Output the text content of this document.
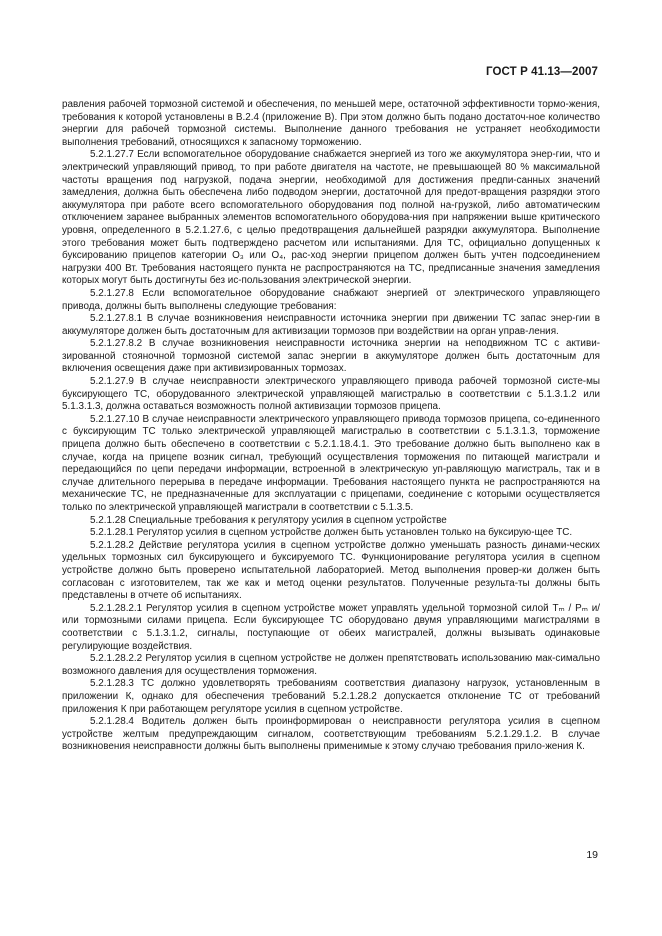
ГОСТ Р 41.13—2007

равления рабочей тормозной системой и обеспечения, по меньшей мере, остаточной эффективности тормо-жения, требования к которой установлены в В.2.4 (приложение В). При этом должно быть подано достаточ-ное количество энергии для рабочей тормозной системы. Выполнение данного требования не устраняет необходимости выполнения требований, относящихся к запасному торможению.

5.2.1.27.7 Если вспомогательное оборудование снабжается энергией из того же аккумулятора энер-гии, что и электрический управляющий привод, то при работе двигателя на частоте, не превышающей 80 % максимальной частоты вращения под нагрузкой, подача энергии, необходимой для достижения предпи-санных значений замедления, должна быть обеспечена либо подводом энергии, достаточной для предот-вращения разрядки этого аккумулятора при работе всего вспомогательного оборудования под полной на-грузкой, либо автоматическим отключением заранее выбранных элементов вспомогательного оборудова-ния при напряжении выше критического уровня, определенного в 5.2.1.27.6, с целью предотвращения дальнейшей разрядки аккумулятора. Выполнение этого требования может быть подтверждено расчетом или испытаниями. Для ТС, официально допущенных к буксированию прицепов категории O₃ или O₄, рас-ход энергии прицепом должен быть учтен подсоединением нагрузки 400 Вт. Требования настоящего пункта не распространяются на ТС, предписанные значения замедления которых могут быть достигнуты без ис-пользования электрической энергии.

5.2.1.27.8 Если вспомогательное оборудование снабжают энергией от электрического управляющего привода, должны быть выполнены следующие требования:

5.2.1.27.8.1 В случае возникновения неисправности источника энергии при движении ТС запас энер-гии в аккумуляторе должен быть достаточным для активизации тормозов при воздействии на орган управ-ления.

5.2.1.27.8.2 В случае возникновения неисправности источника энергии на неподвижном ТС с активи-зированной стояночной тормозной системой запас энергии в аккумуляторе должен быть достаточным для включения освещения даже при активизированных тормозах.

5.2.1.27.9 В случае неисправности электрического управляющего привода рабочей тормозной систе-мы буксирующего ТС, оборудованного электрической управляющей магистралью в соответствии с 5.1.3.1.2 или 5.1.3.1.3, должна оставаться возможность полной активизации тормозов прицепа.

5.2.1.27.10 В случае неисправности электрического управляющего привода тормозов прицепа, со-единенного с буксирующим ТС только электрической управляющей магистралью в соответствии с 5.1.3.1.3, торможение прицепа должно быть обеспечено в соответствии с 5.2.1.18.4.1. Это требование должно быть выполнено как в случае, когда на прицепе возник сигнал, требующий осуществления торможения по питающей магистрали и передающийся по цепи передачи информации, встроенной в электрическую уп-равляющую магистраль, так и в случае длительного перерыва в передаче информации. Требования настоящего пункта не распространяются на механические ТС, не предназначенные для эксплуатации с прицепами, соединение с которыми осуществляется только по электрической управляющей магистрали в соответствии с 5.1.3.5.

5.2.1.28 Специальные требования к регулятору усилия в сцепном устройстве

5.2.1.28.1 Регулятор усилия в сцепном устройстве должен быть установлен только на буксирую-щее ТС.

5.2.1.28.2 Действие регулятора усилия в сцепном устройстве должно уменьшать разность динами-ческих удельных тормозных сил буксирующего и буксируемого ТС. Функционирование регулятора усилия в сцепном устройстве должно быть проверено испытательной лабораторией. Метод выполнения провер-ки должен быть согласован с изготовителем, так же как и метод оценки результатов. Полученные результа-ты должны быть представлены в отчете об испытаниях.

5.2.1.28.2.1 Регулятор усилия в сцепном устройстве может управлять удельной тормозной силой Tₘ / Pₘ и/или тормозными силами прицепа. Если буксирующее ТС оборудовано двумя управляющими магистралями в соответствии с 5.1.3.1.2, сигналы, поступающие от обеих магистралей, должны вызывать одинаковые регулирующие воздействия.

5.2.1.28.2.2 Регулятор усилия в сцепном устройстве не должен препятствовать использованию мак-симально возможного давления для осуществления торможения.

5.2.1.28.3 ТС должно удовлетворять требованиям соответствия диапазону нагрузок, установленным в приложении К, однако для обеспечения требований 5.2.1.28.2 допускается отклонение ТС от требований приложения К при работающем регуляторе усилия в сцепном устройстве.

5.2.1.28.4 Водитель должен быть проинформирован о неисправности регулятора усилия в сцепном устройстве желтым предупреждающим сигналом, соответствующим требованиям 5.2.1.29.1.2. В случае возникновения неисправности должны быть выполнены применимые к этому случаю требования прило-жения К.

19
